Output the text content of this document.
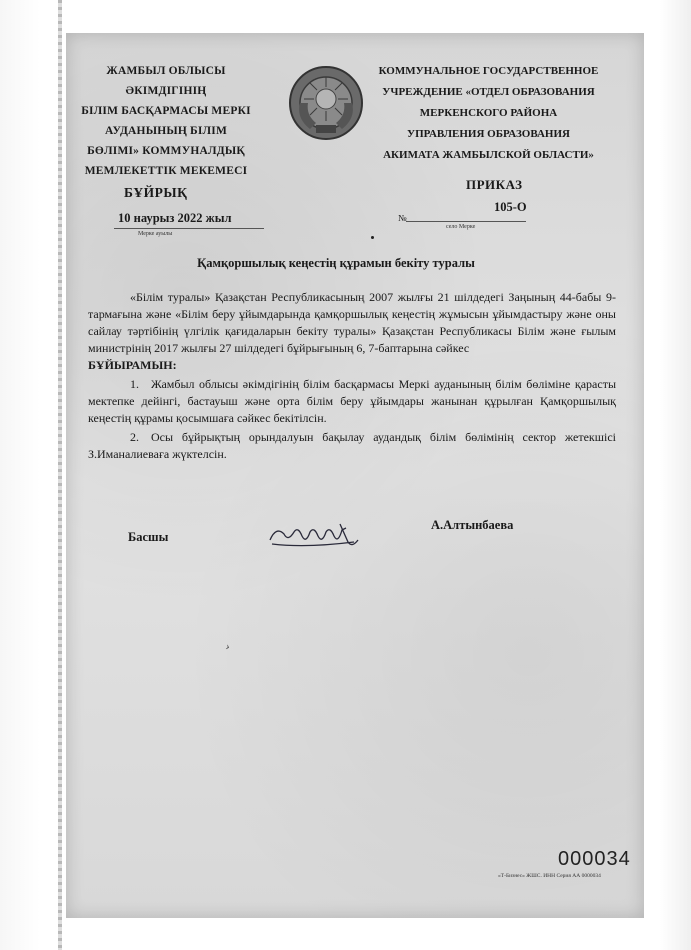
ЖАМБЫЛ ОБЛЫСЫ ӘКІМДІГІНІҢ
БІЛІМ БАСҚАРМАСЫ МЕРКІ
АУДАНЫНЫҢ БІЛІМ
БӨЛІМІ» КОММУНАЛДЫҚ
МЕМЛЕКЕТТІК МЕКЕМЕСІ
КОММУНАЛЬНОЕ ГОСУДАРСТВЕННОЕ
УЧРЕЖДЕНИЕ «ОТДЕЛ ОБРАЗОВАНИЯ
МЕРКЕНСКОГО РАЙОНА
УПРАВЛЕНИЯ ОБРАЗОВАНИЯ
АКИМАТА ЖАМБЫЛСКОЙ ОБЛАСТИ»
БҰЙРЫҚ
ПРИКАЗ
10 наурыз 2022 жыл
Мерке ауылы
№
105-О
село Мерке
Қамқоршылық кеңестің құрамын бекіту туралы

«Білім туралы» Қазақстан Республикасының 2007 жылғы 21 шілдедегі Заңының 44-бабы 9-тармағына және «Білім беру ұйымдарында қамқоршылық кеңестің жұмысын ұйымдастыру және оны сайлау тәртібінің үлгілік қағидаларын бекіту туралы» Қазақстан Республикасы Білім және ғылым министрінің 2017 жылғы 27 шілдедегі бұйрығының 6, 7-баптарына сәйкес

БҰЙЫРАМЫН:

1. Жамбыл облысы әкімдігінің білім басқармасы Меркі ауданының білім бөліміне қарасты мектепке дейінгі, бастауыш және орта білім беру ұйымдары жанынан құрылған Қамқоршылық кеңестің құрамы қосымшаға сәйкес бекітілсін.

2. Осы бұйрықтың орындалуын бақылау аудандық білім бөлімінің сектор жетекшісі З.Иманалиеваға жүктелсін.

Басшы
А.Алтынбаева
›
000034
«Т-Бизнес» ЖШС. ИНН Серия АА 0000034
